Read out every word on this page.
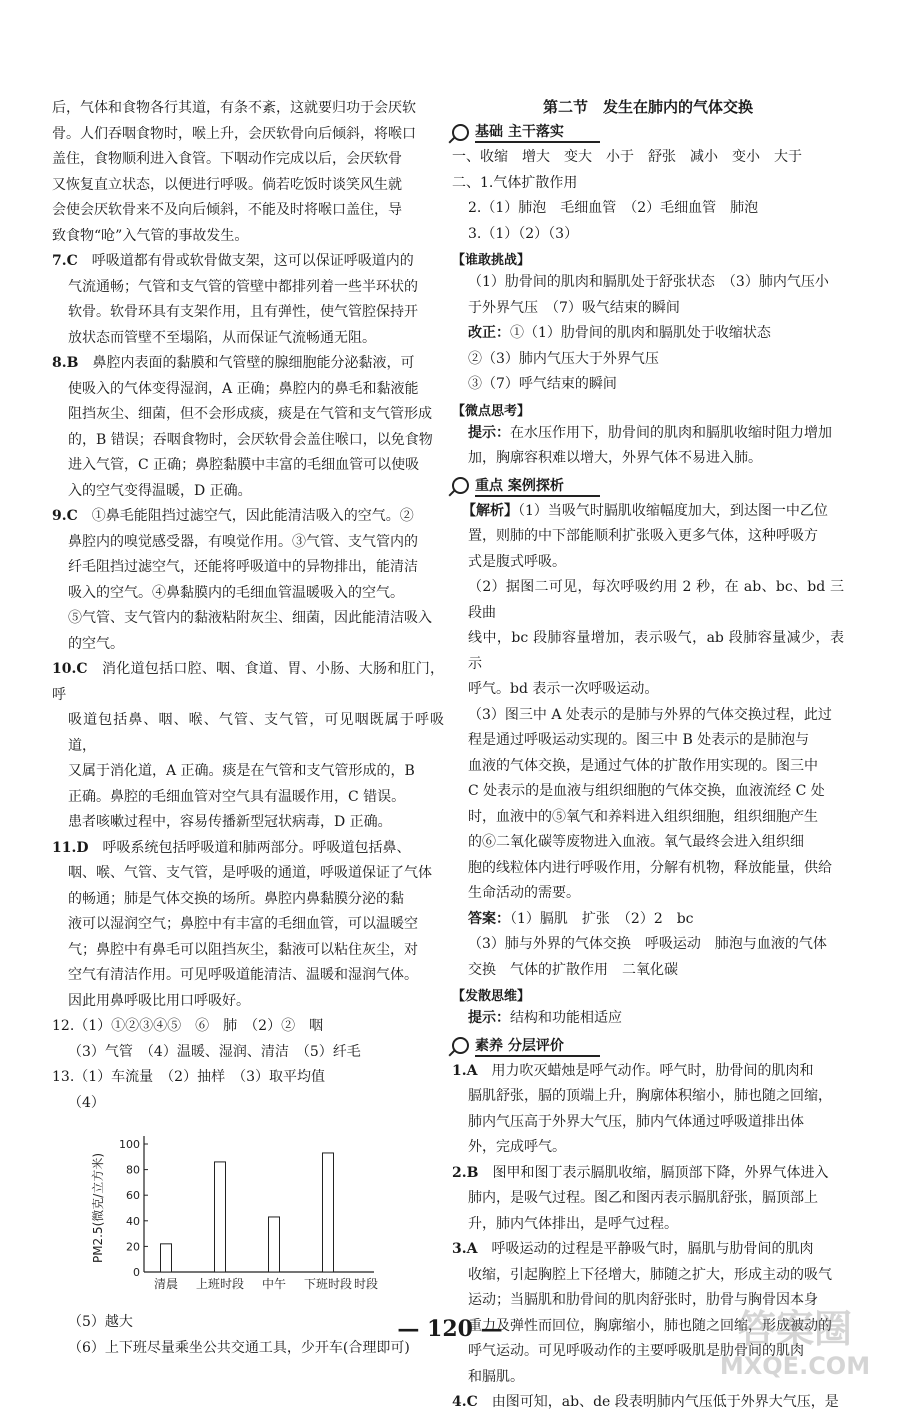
后，气体和食物各行其道，有条不紊，这就要归功于会厌软

骨。人们吞咽食物时，喉上升，会厌软骨向后倾斜，将喉口

盖住，食物顺利进入食管。下咽动作完成以后，会厌软骨

又恢复直立状态，以便进行呼吸。倘若吃饭时谈笑风生就

会使会厌软骨来不及向后倾斜，不能及时将喉口盖住，导

致食物“呛”入气管的事故发生。

7.C　 呼吸道都有骨或软骨做支架，这可以保证呼吸道内的

气流通畅；气管和支气管的管壁中都排列着一些半环状的

软骨。软骨环具有支架作用，且有弹性，使气管腔保持开

放状态而管壁不至塌陷，从而保证气流畅通无阻。

8.B　 鼻腔内表面的黏膜和气管壁的腺细胞能分泌黏液，可

使吸入的气体变得湿润，A 正确；鼻腔内的鼻毛和黏液能

阻挡灰尘、细菌，但不会形成痰，痰是在气管和支气管形成

的，B 错误；吞咽食物时，会厌软骨会盖住喉口，以免食物

进入气管，C 正确；鼻腔黏膜中丰富的毛细血管可以使吸

入的空气变得温暖，D 正确。

9.C　 ①鼻毛能阻挡过滤空气，因此能清洁吸入的空气。②

鼻腔内的嗅觉感受器，有嗅觉作用。③气管、支气管内的

纤毛阻挡过滤空气，还能将呼吸道中的异物排出，能清洁

吸入的空气。④鼻黏膜内的毛细血管温暖吸入的空气。

⑤气管、支气管内的黏液粘附灰尘、细菌，因此能清洁吸入

的空气。

10.C　 消化道包括口腔、咽、食道、胃、小肠、大肠和肛门，呼

吸道包括鼻、咽、喉、气管、支气管，可见咽既属于呼吸道，

又属于消化道，A 正确。痰是在气管和支气管形成的，B

正确。鼻腔的毛细血管对空气具有温暖作用，C 错误。

患者咳嗽过程中，容易传播新型冠状病毒，D 正确。

11.D　 呼吸系统包括呼吸道和肺两部分。呼吸道包括鼻、

咽、喉、气管、支气管，是呼吸的通道，呼吸道保证了气体

的畅通；肺是气体交换的场所。鼻腔内鼻黏膜分泌的黏

液可以湿润空气；鼻腔中有丰富的毛细血管，可以温暖空

气；鼻腔中有鼻毛可以阻挡灰尘，黏液可以粘住灰尘，对

空气有清洁作用。可见呼吸道能清洁、温暖和湿润气体。

因此用鼻呼吸比用口呼吸好。

12.（1）①②③④⑤　⑥　肺　（2）②　咽

（3）气管　（4）温暖、湿润、清洁　（5）纤毛

13.（1）车流量　（2）抽样　（3）取平均值

（4）

0
20
40
60
80
100
PM2.5(微克/立方米)
清晨 上班时段 中午 下班时段 时段

（5）越大

（6）上下班尽量乘坐公共交通工具，少开车(合理即可)

第二节　发生在肺内的气体交换

基础 主干落实

一、收缩　增大　变大　小于　舒张　减小　变小　大于

二、1.气体扩散作用

2.（1）肺泡　毛细血管　（2）毛细血管　肺泡

3.（1）（2）（3）

【谁敢挑战】

（1）肋骨间的肌肉和膈肌处于舒张状态　（3）肺内气压小

于外界气压　（7）吸气结束的瞬间

改正：①（1）肋骨间的肌肉和膈肌处于收缩状态

②（3）肺内气压大于外界气压

③（7）呼气结束的瞬间

【微点思考】

提示：在水压作用下，肋骨间的肌肉和膈肌收缩时阻力增加

加，胸廓容积难以增大，外界气体不易进入肺。

重点 案例探析

【解析】（1）当吸气时膈肌收缩幅度加大，到达图一中乙位

置，则肺的中下部能顺利扩张吸入更多气体，这种呼吸方

式是腹式呼吸。

（2）据图二可见，每次呼吸约用 2 秒，在 ab、bc、bd 三段曲

线中，bc 段肺容量增加，表示吸气，ab 段肺容量减少，表示

呼气。bd 表示一次呼吸运动。

（3）图三中 A 处表示的是肺与外界的气体交换过程，此过

程是通过呼吸运动实现的。图三中 B 处表示的是肺泡与

血液的气体交换，是通过气体的扩散作用实现的。图三中

C 处表示的是血液与组织细胞的气体交换，血液流经 C 处

时，血液中的⑤氧气和养料进入组织细胞，组织细胞产生

的⑥二氧化碳等废物进入血液。氧气最终会进入组织细

胞的线粒体内进行呼吸作用，分解有机物，释放能量，供给

生命活动的需要。

答案：（1）膈肌　扩张　（2）2　bc

（3）肺与外界的气体交换　呼吸运动　肺泡与血液的气体

交换　气体的扩散作用　二氧化碳

【发散思维】

提示：结构和功能相适应

素养 分层评价

1.A　 用力吹灭蜡烛是呼气动作。呼气时，肋骨间的肌肉和

膈肌舒张，膈的顶端上升，胸廓体积缩小，肺也随之回缩，

肺内气压高于外界大气压，肺内气体通过呼吸道排出体

外，完成呼气。

2.B　 图甲和图丁表示膈肌收缩，膈顶部下降，外界气体进入

肺内，是吸气过程。图乙和图丙表示膈肌舒张，膈顶部上

升，肺内气体排出，是呼气过程。

3.A　 呼吸运动的过程是平静吸气时，膈肌与肋骨间的肌肉

收缩，引起胸腔上下径增大，肺随之扩大，形成主动的吸气

运动；当膈肌和肋骨间的肌肉舒张时，肋骨与胸骨因本身

重力及弹性而回位，胸廓缩小，肺也随之回缩，形成被动的

呼气运动。可见呼吸动作的主要呼吸肌是肋骨间的肌肉

和膈肌。

4.C　 由图可知，ab、de 段表明肺内气压低于外界大气压，是

— 120 —	答案圈
MXQE.COM
